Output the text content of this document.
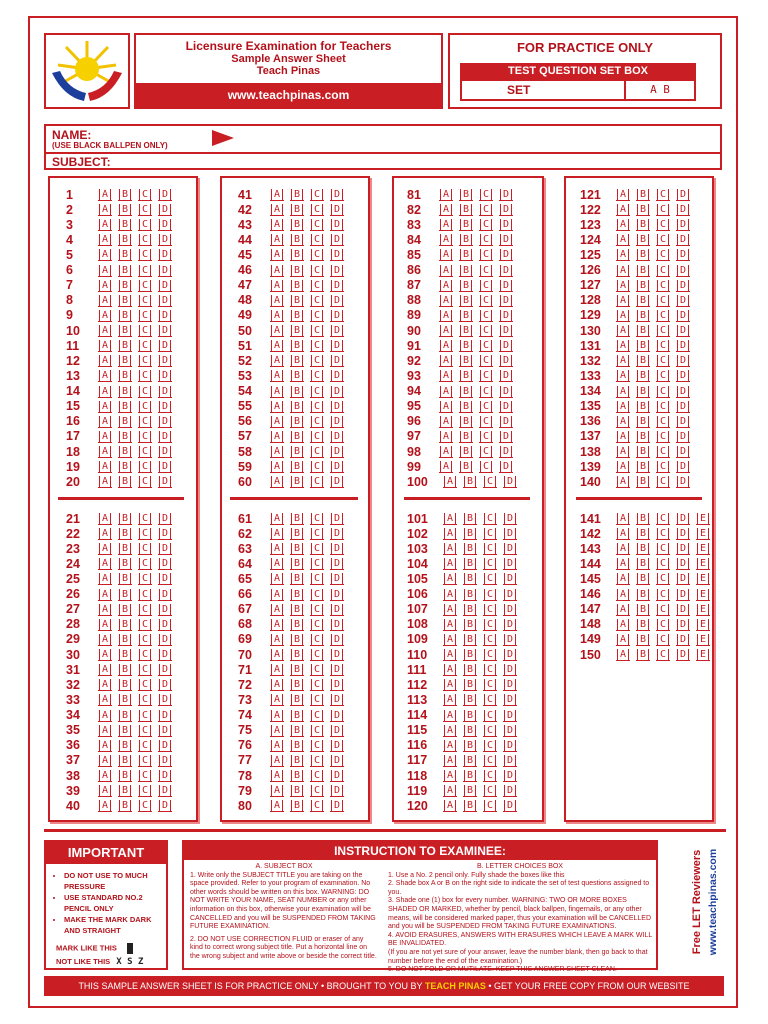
Licensure Examination for Teachers
Sample Answer Sheet
Teach Pinas
www.teachpinas.com
FOR PRACTICE ONLY
TEST QUESTION SET BOX
SET	A B
NAME:
(USE BLACK BALLPEN ONLY)
SUBJECT:
1	A	B	C	D
2	A	B	C	D
3	A	B	C	D
4	A	B	C	D
5	A	B	C	D
6	A	B	C	D
7	A	B	C	D
8	A	B	C	D
9	A	B	C	D
10	A	B	C	D
11	A	B	C	D
12	A	B	C	D
13	A	B	C	D
14	A	B	C	D
15	A	B	C	D
16	A	B	C	D
17	A	B	C	D
18	A	B	C	D
19	A	B	C	D
20	A	B	C	D
21	A	B	C	D
22	A	B	C	D
23	A	B	C	D
24	A	B	C	D
25	A	B	C	D
26	A	B	C	D
27	A	B	C	D
28	A	B	C	D
29	A	B	C	D
30	A	B	C	D
31	A	B	C	D
32	A	B	C	D
33	A	B	C	D
34	A	B	C	D
35	A	B	C	D
36	A	B	C	D
37	A	B	C	D
38	A	B	C	D
39	A	B	C	D
40	A	B	C	D
41	A	B	C	D
42	A	B	C	D
43	A	B	C	D
44	A	B	C	D
45	A	B	C	D
46	A	B	C	D
47	A	B	C	D
48	A	B	C	D
49	A	B	C	D
50	A	B	C	D
51	A	B	C	D
52	A	B	C	D
53	A	B	C	D
54	A	B	C	D
55	A	B	C	D
56	A	B	C	D
57	A	B	C	D
58	A	B	C	D
59	A	B	C	D
60	A	B	C	D
61	A	B	C	D
62	A	B	C	D
63	A	B	C	D
64	A	B	C	D
65	A	B	C	D
66	A	B	C	D
67	A	B	C	D
68	A	B	C	D
69	A	B	C	D
70	A	B	C	D
71	A	B	C	D
72	A	B	C	D
73	A	B	C	D
74	A	B	C	D
75	A	B	C	D
76	A	B	C	D
77	A	B	C	D
78	A	B	C	D
79	A	B	C	D
80	A	B	C	D
81	A	B	C	D
82	A	B	C	D
83	A	B	C	D
84	A	B	C	D
85	A	B	C	D
86	A	B	C	D
87	A	B	C	D
88	A	B	C	D
89	A	B	C	D
90	A	B	C	D
91	A	B	C	D
92	A	B	C	D
93	A	B	C	D
94	A	B	C	D
95	A	B	C	D
96	A	B	C	D
97	A	B	C	D
98	A	B	C	D
99	A	B	C	D
100	A	B	C	D
101	A	B	C	D
102	A	B	C	D
103	A	B	C	D
104	A	B	C	D
105	A	B	C	D
106	A	B	C	D
107	A	B	C	D
108	A	B	C	D
109	A	B	C	D
110	A	B	C	D
111	A	B	C	D
112	A	B	C	D
113	A	B	C	D
114	A	B	C	D
115	A	B	C	D
116	A	B	C	D
117	A	B	C	D
118	A	B	C	D
119	A	B	C	D
120	A	B	C	D
121	A	B	C	D
122	A	B	C	D
123	A	B	C	D
124	A	B	C	D
125	A	B	C	D
126	A	B	C	D
127	A	B	C	D
128	A	B	C	D
129	A	B	C	D
130	A	B	C	D
131	A	B	C	D
132	A	B	C	D
133	A	B	C	D
134	A	B	C	D
135	A	B	C	D
136	A	B	C	D
137	A	B	C	D
138	A	B	C	D
139	A	B	C	D
140	A	B	C	D
141	A	B	C	D	E
142	A	B	C	D	E
143	A	B	C	D	E
144	A	B	C	D	E
145	A	B	C	D	E
146	A	B	C	D	E
147	A	B	C	D	E
148	A	B	C	D	E
149	A	B	C	D	E
150	A	B	C	D	E
IMPORTANT
• DO NOT USE TO MUCH PRESSURE
• USE STANDARD NO.2 PENCIL ONLY
• MAKE THE MARK DARK AND STRAIGHT
MARK LIKE THIS
NOT LIKE THIS X S Z
INSTRUCTION TO EXAMINEE:
A. SUBJECT BOX
1. Write only the SUBJECT TITLE you are taking on the space provided. Refer to your program of examination. No other words should be written on this box. WARNING: DO NOT WRITE YOUR NAME, SEAT NUMBER or any other information on this box, otherwise your examination will be CANCELLED and you will be SUSPENDED FROM TAKING FUTURE EXAMINATION.
2. DO NOT USE CORRECTION FLUID or eraser of any kind to correct wrong subject title. Put a horizontal line on the wrong subject and write above or beside the correct title.
B. LETTER CHOICES BOX
1. Use a No. 2 pencil only. Fully shade the boxes like this
2. Shade box A or B on the right side to indicate the set of test questions assigned to you.
3. Shade one (1) box for every number. WARNING: TWO OR MORE BOXES SHADED OR MARKED, whether by pencil, black ballpen, fingernails, or any other means, will be considered marked paper, thus your examination will be CANCELLED and you will be SUSPENDED FROM TAKING FUTURE EXAMINATIONS.
4. AVOID ERASURES, ANSWERS WITH ERASURES WHICH LEAVE A MARK WILL BE INVALIDATED.
(If you are not yet sure of your answer, leave the number blank, then go back to that number before the end of the examination.)
5. DO NOT FOLD OR MUTILATE. KEEP THIS ANSWER SHEET CLEAN.
Free LET Reviewers www.teachpinas.com
THIS SAMPLE ANSWER SHEET IS FOR PRACTICE ONLY • BROUGHT TO YOU BY TEACH PINAS • GET YOUR FREE COPY FROM OUR WEBSITE
